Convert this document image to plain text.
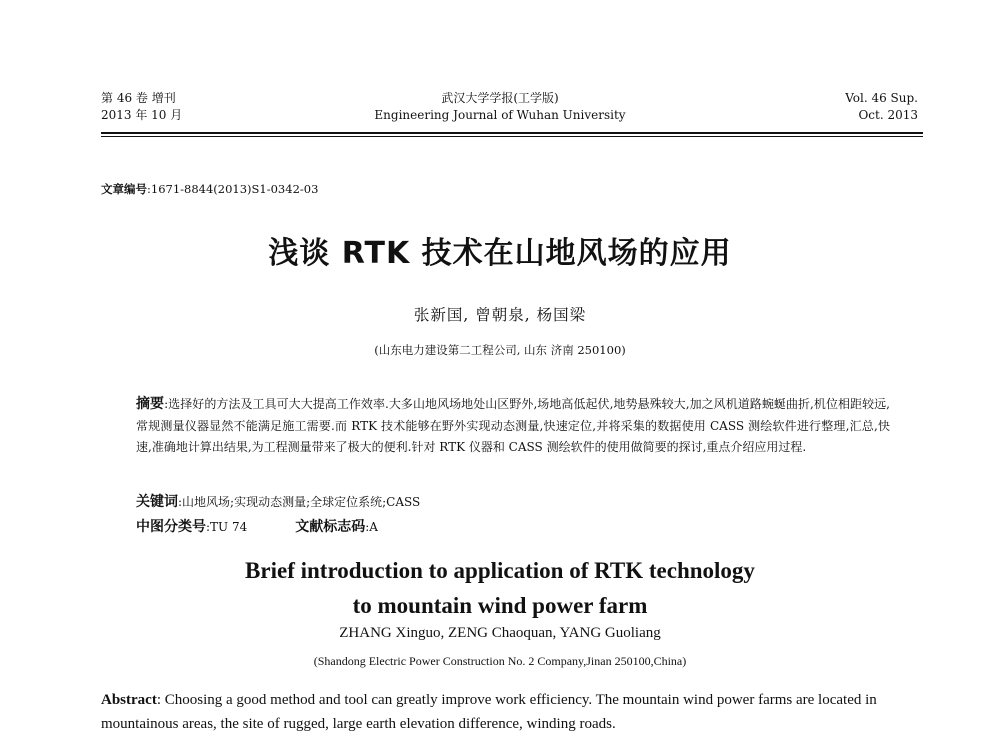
第 46 卷 增刊
2013 年 10 月
武汉大学学报(工学版)
Engineering Journal of Wuhan University
Vol. 46 Sup.
Oct. 2013
文章编号:1671-8844(2013)S1-0342-03
浅谈 RTK 技术在山地风场的应用
张新国, 曾朝泉, 杨国梁
(山东电力建设第二工程公司, 山东 济南 250100)
摘要:选择好的方法及工具可大大提高工作效率.大多山地风场地处山区野外,场地高低起伏,地势悬殊较大,加之风机道路蜿蜒曲折,机位相距较远,常规测量仪器显然不能满足施工需要.而 RTK 技术能够在野外实现动态测量,快速定位,并将采集的数据使用 CASS 测绘软件进行整理,汇总,快速,准确地计算出结果,为工程测量带来了极大的便利.针对 RTK 仪器和 CASS 测绘软件的使用做简要的探讨,重点介绍应用过程.
关键词:山地风场;实现动态测量;全球定位系统;CASS
中图分类号:TU 74	文献标志码:A
Brief introduction to application of RTK technology
to mountain wind power farm
ZHANG Xinguo, ZENG Chaoquan, YANG Guoliang
(Shandong Electric Power Construction No. 2 Company,Jinan 250100,China)
Abstract: Choosing a good method and tool can greatly improve work efficiency. The mountain wind power farms are located in mountainous areas, the site of rugged, large earth elevation difference, winding roads.
